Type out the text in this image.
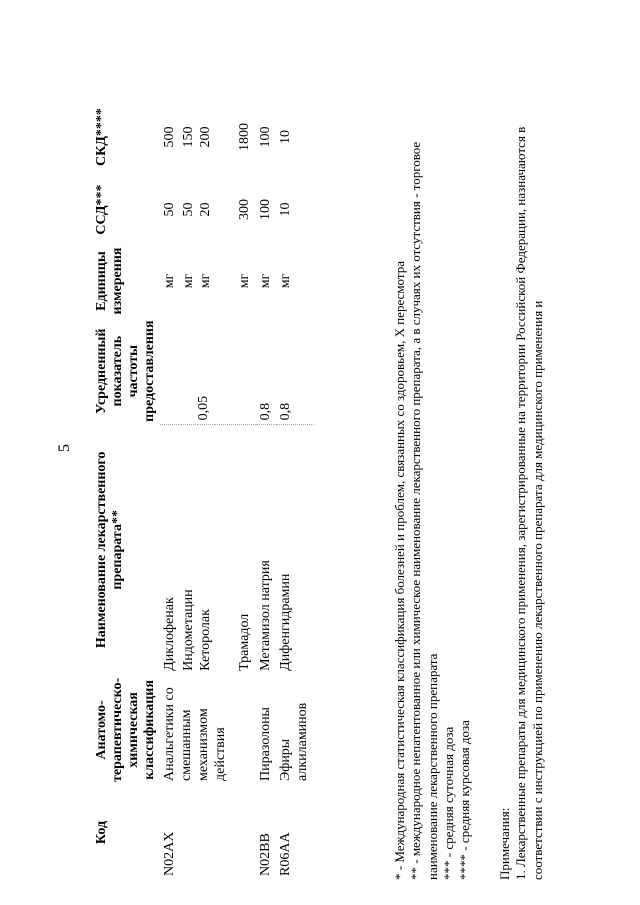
5
Код	Анатомо-терапевтическо-химическая классификация	Наименование лекарственного препарата**	Усредненный показатель частоты предоставления	Единицы измерения	ССД***	СКД****
N02AX	Анальгетики со смешанным механизмом действия	Диклофенак	0,05	мг	50	500
		Индометацин		мг	50	150
		Кеторолак		мг	20	200
		Трамадол		мг	300	1800
N02BB	Пиразолоны	Метамизол натрия	0,8	мг	100	100
R06AA	Эфиры алкиламинов	Дифенгидрамин	0,8	мг	10	10
* - Международная статистическая классификация болезней и проблем, связанных со здоровьем, X пересмотра ** - международное непатентованное или химическое наименование лекарственного препарата, а в случаях их отсутствия - торговое наименование лекарственного препарата *** - средняя суточная доза **** - средняя курсовая доза Примечания: 1. Лекарственные препараты для медицинского применения, зарегистрированные на территории Российской Федерации, назначаются в соответствии с инструкцией по применению лекарственного препарата для медицинского применения и
